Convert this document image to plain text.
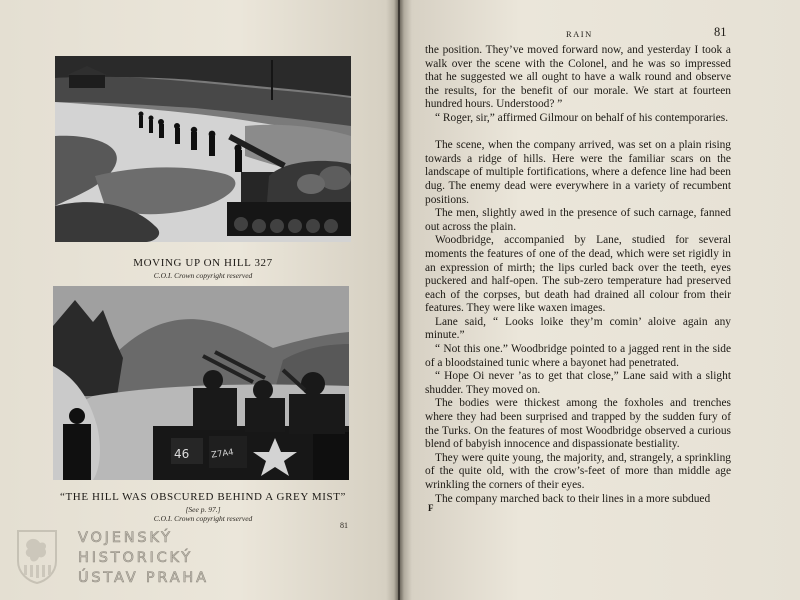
MOVING UP ON HILL 327
C.O.I. Crown copyright reserved
46	Z7A4
“THE HILL WAS OBSCURED BEHIND A GREY MIST”
[See p. 97.]
C.O.I. Crown copyright reserved
81
VOJENSKÝ
HISTORICKÝ
ÚSTAV PRAHA
RAIN	81

the position. They’ve moved forward now, and yesterday I took a walk over the scene with the Colonel, and he was so impressed that he suggested we all ought to have a walk round and observe the results, for the benefit of our morale. We start at fourteen hundred hours. Understood? ”

“ Roger, sir,” affirmed Gilmour on behalf of his contemporaries.

The scene, when the company arrived, was set on a plain rising towards a ridge of hills. Here were the familiar scars on the landscape of multiple fortifications, where a defence line had been dug. The enemy dead were everywhere in a variety of recumbent positions.

The men, slightly awed in the presence of such carnage, fanned out across the plain.

Woodbridge, accompanied by Lane, studied for several moments the features of one of the dead, which were set rigidly in an expression of mirth; the lips curled back over the teeth, eyes puckered and half-open. The sub-zero temperature had preserved each of the corpses, but death had drained all colour from their features. They were like waxen images.

Lane said, “ Looks loike they’m comin’ aloive again any minute.”

“ Not this one.” Woodbridge pointed to a jagged rent in the side of a bloodstained tunic where a bayonet had penetrated.

“ Hope Oi never ’as to get that close,” Lane said with a slight shudder. They moved on.

The bodies were thickest among the foxholes and trenches where they had been surprised and trapped by the sudden fury of the Turks. On the features of most Woodbridge observed a curious blend of babyish innocence and dispassionate bestiality.

They were quite young, the majority, and, strangely, a sprinkling of the quite old, with the crow’s-feet of more than middle age wrinkling the corners of their eyes.

The company marched back to their lines in a more subdued

F
